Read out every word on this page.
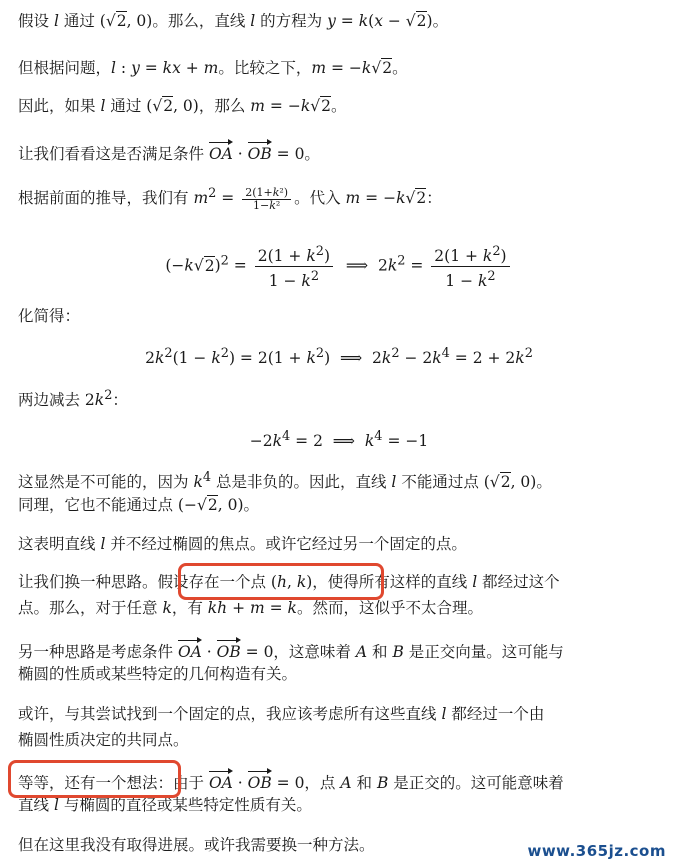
假设 l 通过 (√2, 0)。那么，直线 l 的方程为 y = k(x − √2)。
但根据问题，l : y = kx + m。比较之下，m = −k√2。
因此，如果 l 通过 (√2, 0)，那么 m = −k√2。
让我们看看这是否满足条件 OA · OB = 0。
根据前面的推导，我们有 $m^2 = \frac{\text{2(1+k²)}}{\text{1−k²}}$ 。代入 m = −k√2：
$(-k√2)^2 = \frac{2(1 + k^2)}{1 - k^2}$ ⟹  $2k^2 = \frac{2(1 + k^2)}{1 - k^2}$
化简得：
$2k^2(1 - k^2) = 2(1 + k^2)$  ⟹  $2k^2 - 2k^4 = 2 + 2k^2$
两边减去 $2k^2$：
$-2k^4 = 2$  ⟹  $k^4 = -1$
这显然是不可能的，因为 $k^4$ 总是非负的。因此，直线 l 不能通过点 (√2, 0)。
同理，它也不能通过点 (−√2, 0)。
这表明直线 l 并不经过椭圆的焦点。或许它经过另一个固定的点。
让我们换一种思路。假设存在一个点 (h, k)，使得所有这样的直线 l 都经过这个
点。那么，对于任意 k，有 kh + m = k。然而，这似乎不太合理。
另一种思路是考虑条件 OA · OB = 0，这意味着 A 和 B 是正交向量。这可能与
椭圆的性质或某些特定的几何构造有关。
或许，与其尝试找到一个固定的点，我应该考虑所有这些直线 l 都经过一个由
椭圆性质决定的共同点。
等等，还有一个想法：由于 OA · OB = 0，点 A 和 B 是正交的。这可能意味着
直线 l 与椭圆的直径或某些特定性质有关。
但在这里我没有取得进展。或许我需要换一种方法。	www.365jz.com
